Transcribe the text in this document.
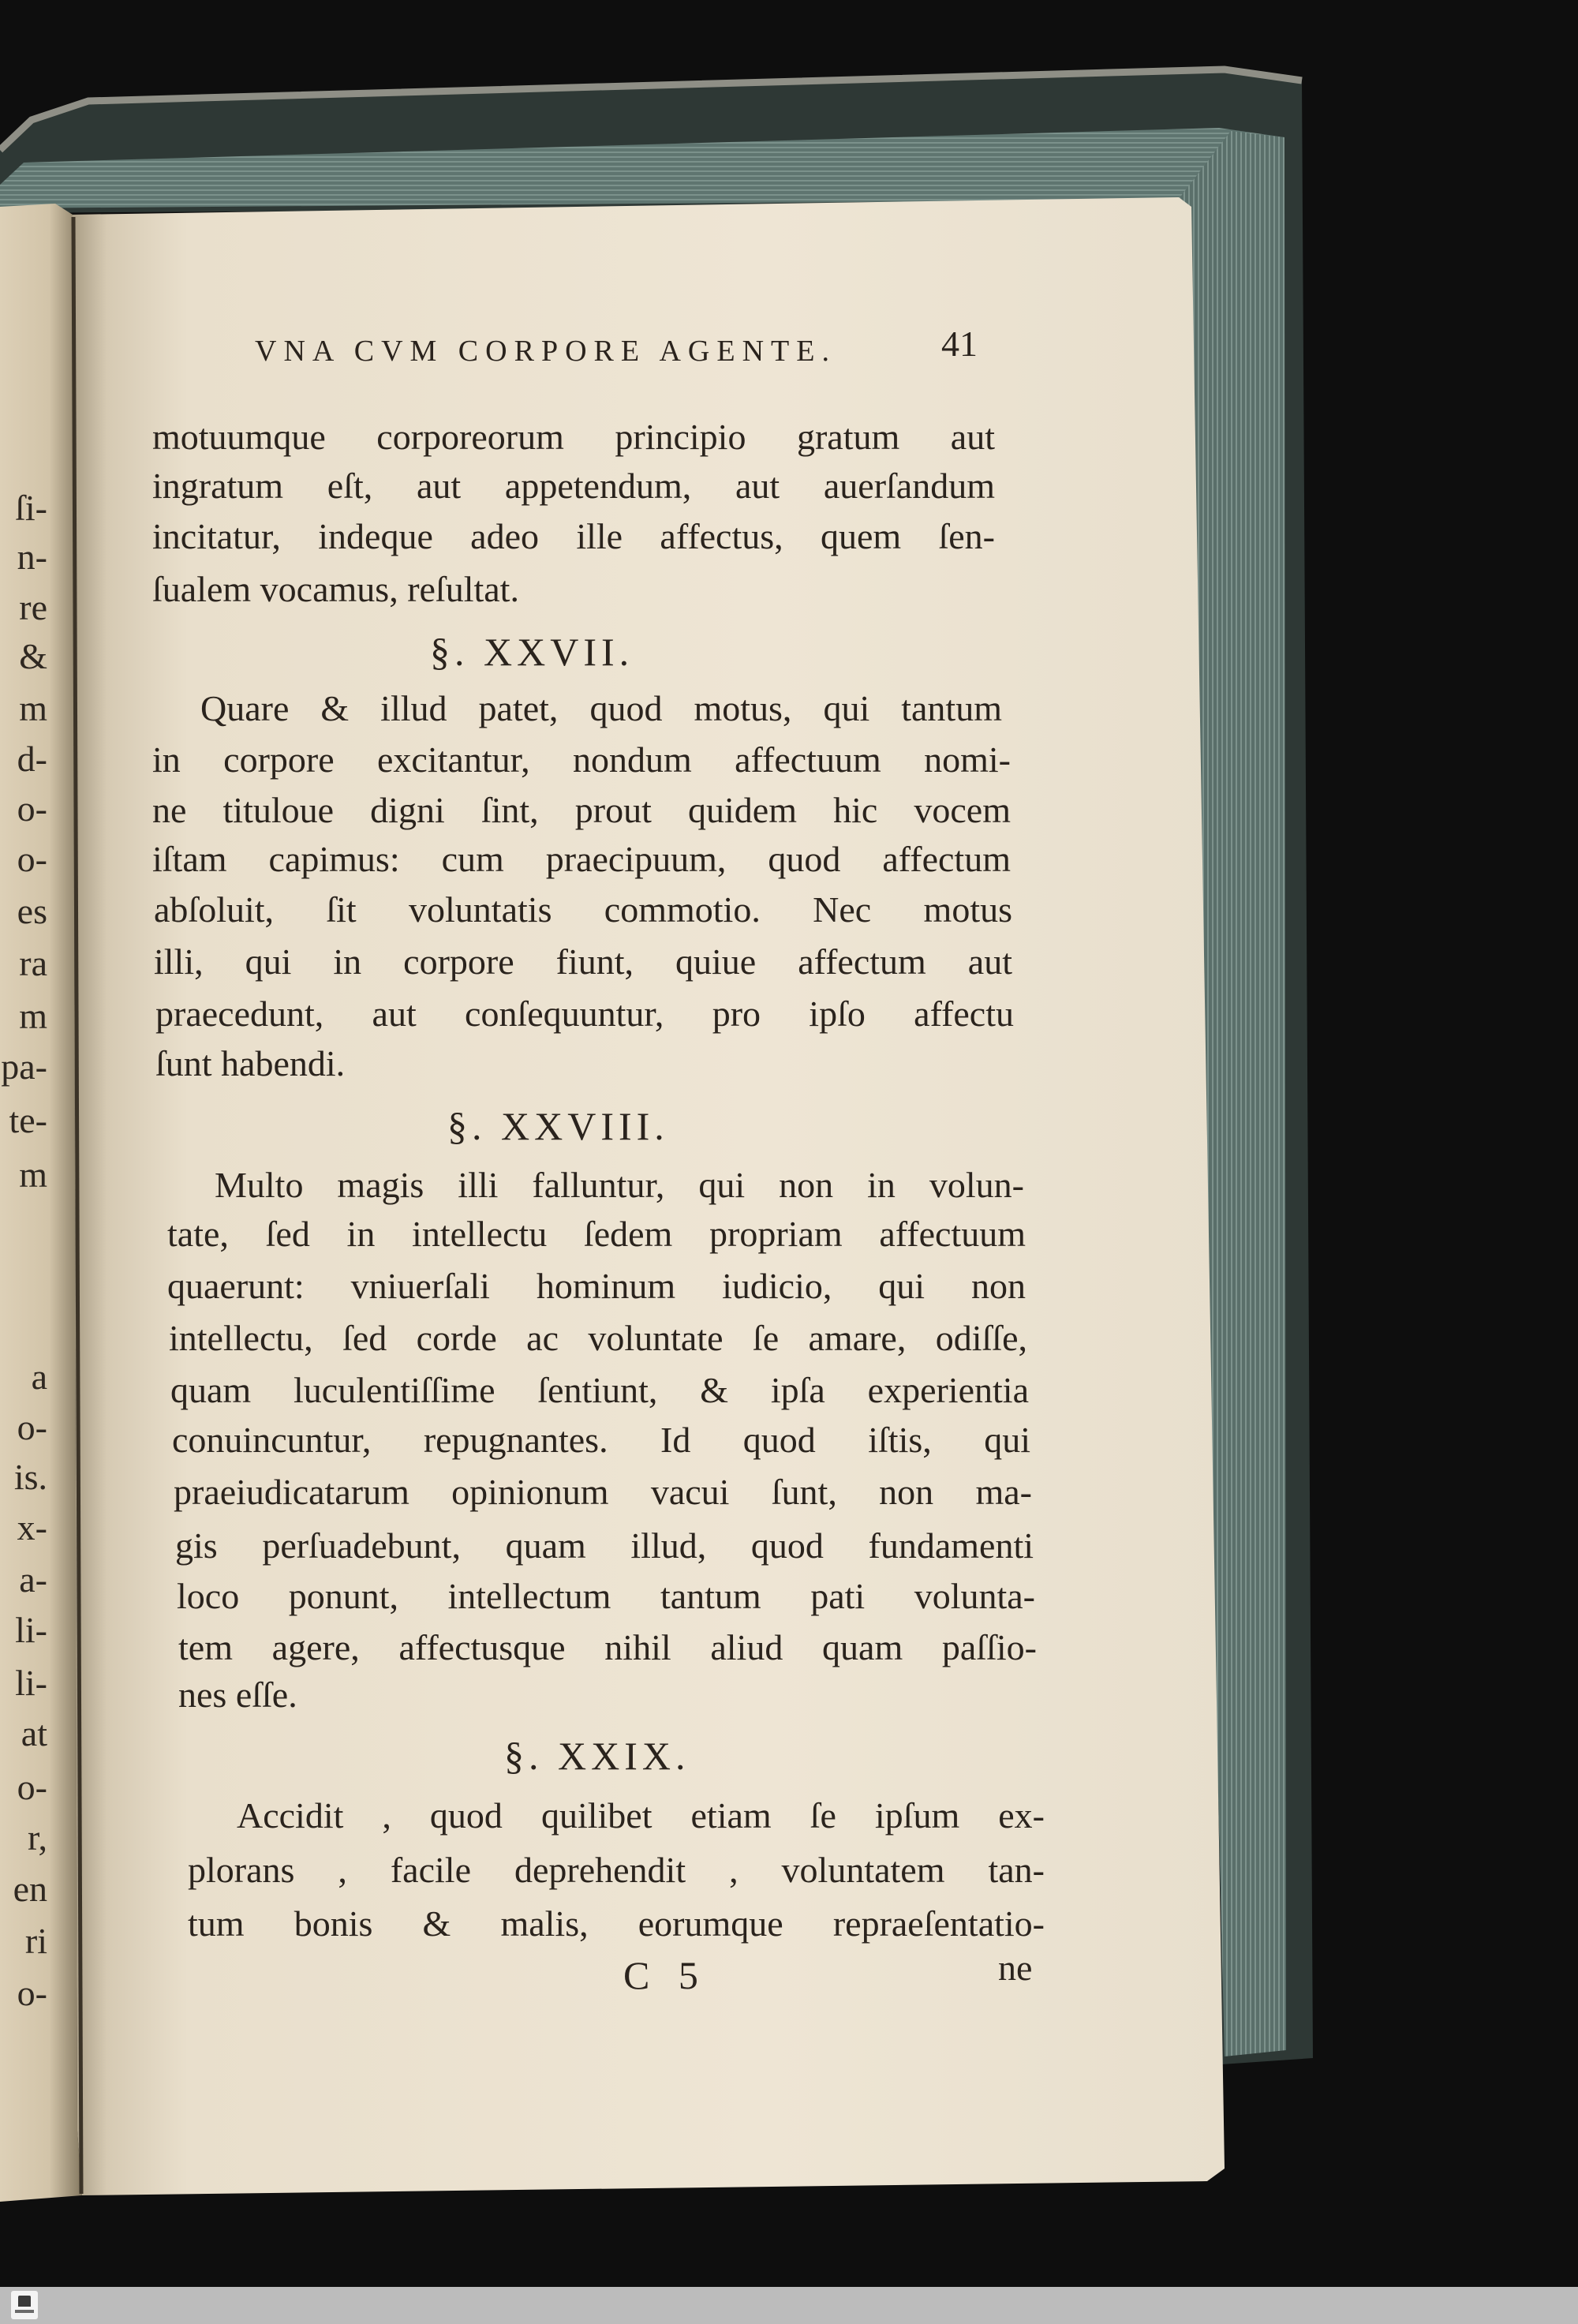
ſi-
n-
re
&
m
d-
o-
o-
es
ra
m
pa-
te-
m
a
o-
is.
x-
a-
li-
li-
at
o-
r,
en
ri
o-
VNA CVM CORPORE AGENTE.	41
motuumque corporeorum principio gratum aut
ingratum eſt, aut appetendum, aut auerſandum
incitatur, indeque adeo ille affectus, quem ſen-
ſualem vocamus, reſultat.
§. XXVII.
Quare & illud patet, quod motus, qui tantum
in corpore excitantur, nondum affectuum nomi-
ne tituloue digni ſint, prout quidem hic vocem
iſtam capimus: cum praecipuum, quod affectum
abſoluit, ſit voluntatis commotio. Nec motus
illi, qui in corpore fiunt, quiue affectum aut
praecedunt, aut conſequuntur, pro ipſo affectu
ſunt habendi.
§. XXVIII.
Multo magis illi falluntur, qui non in volun-
tate, ſed in intellectu ſedem propriam affectuum
quaerunt: vniuerſali hominum iudicio, qui non
intellectu, ſed corde ac voluntate ſe amare, odiſſe,
quam luculentiſſime ſentiunt, & ipſa experientia
conuincuntur, repugnantes. Id quod iſtis, qui
praeiudicatarum opinionum vacui ſunt, non ma-
gis perſuadebunt, quam illud, quod fundamenti
loco ponunt, intellectum tantum pati volunta-
tem agere, affectusque nihil aliud quam paſſio-
nes eſſe.
§. XXIX.
Accidit , quod quilibet etiam ſe ipſum ex-
plorans , facile deprehendit , voluntatem tan-
tum bonis & malis, eorumque repraeſentatio-
C 5	ne
